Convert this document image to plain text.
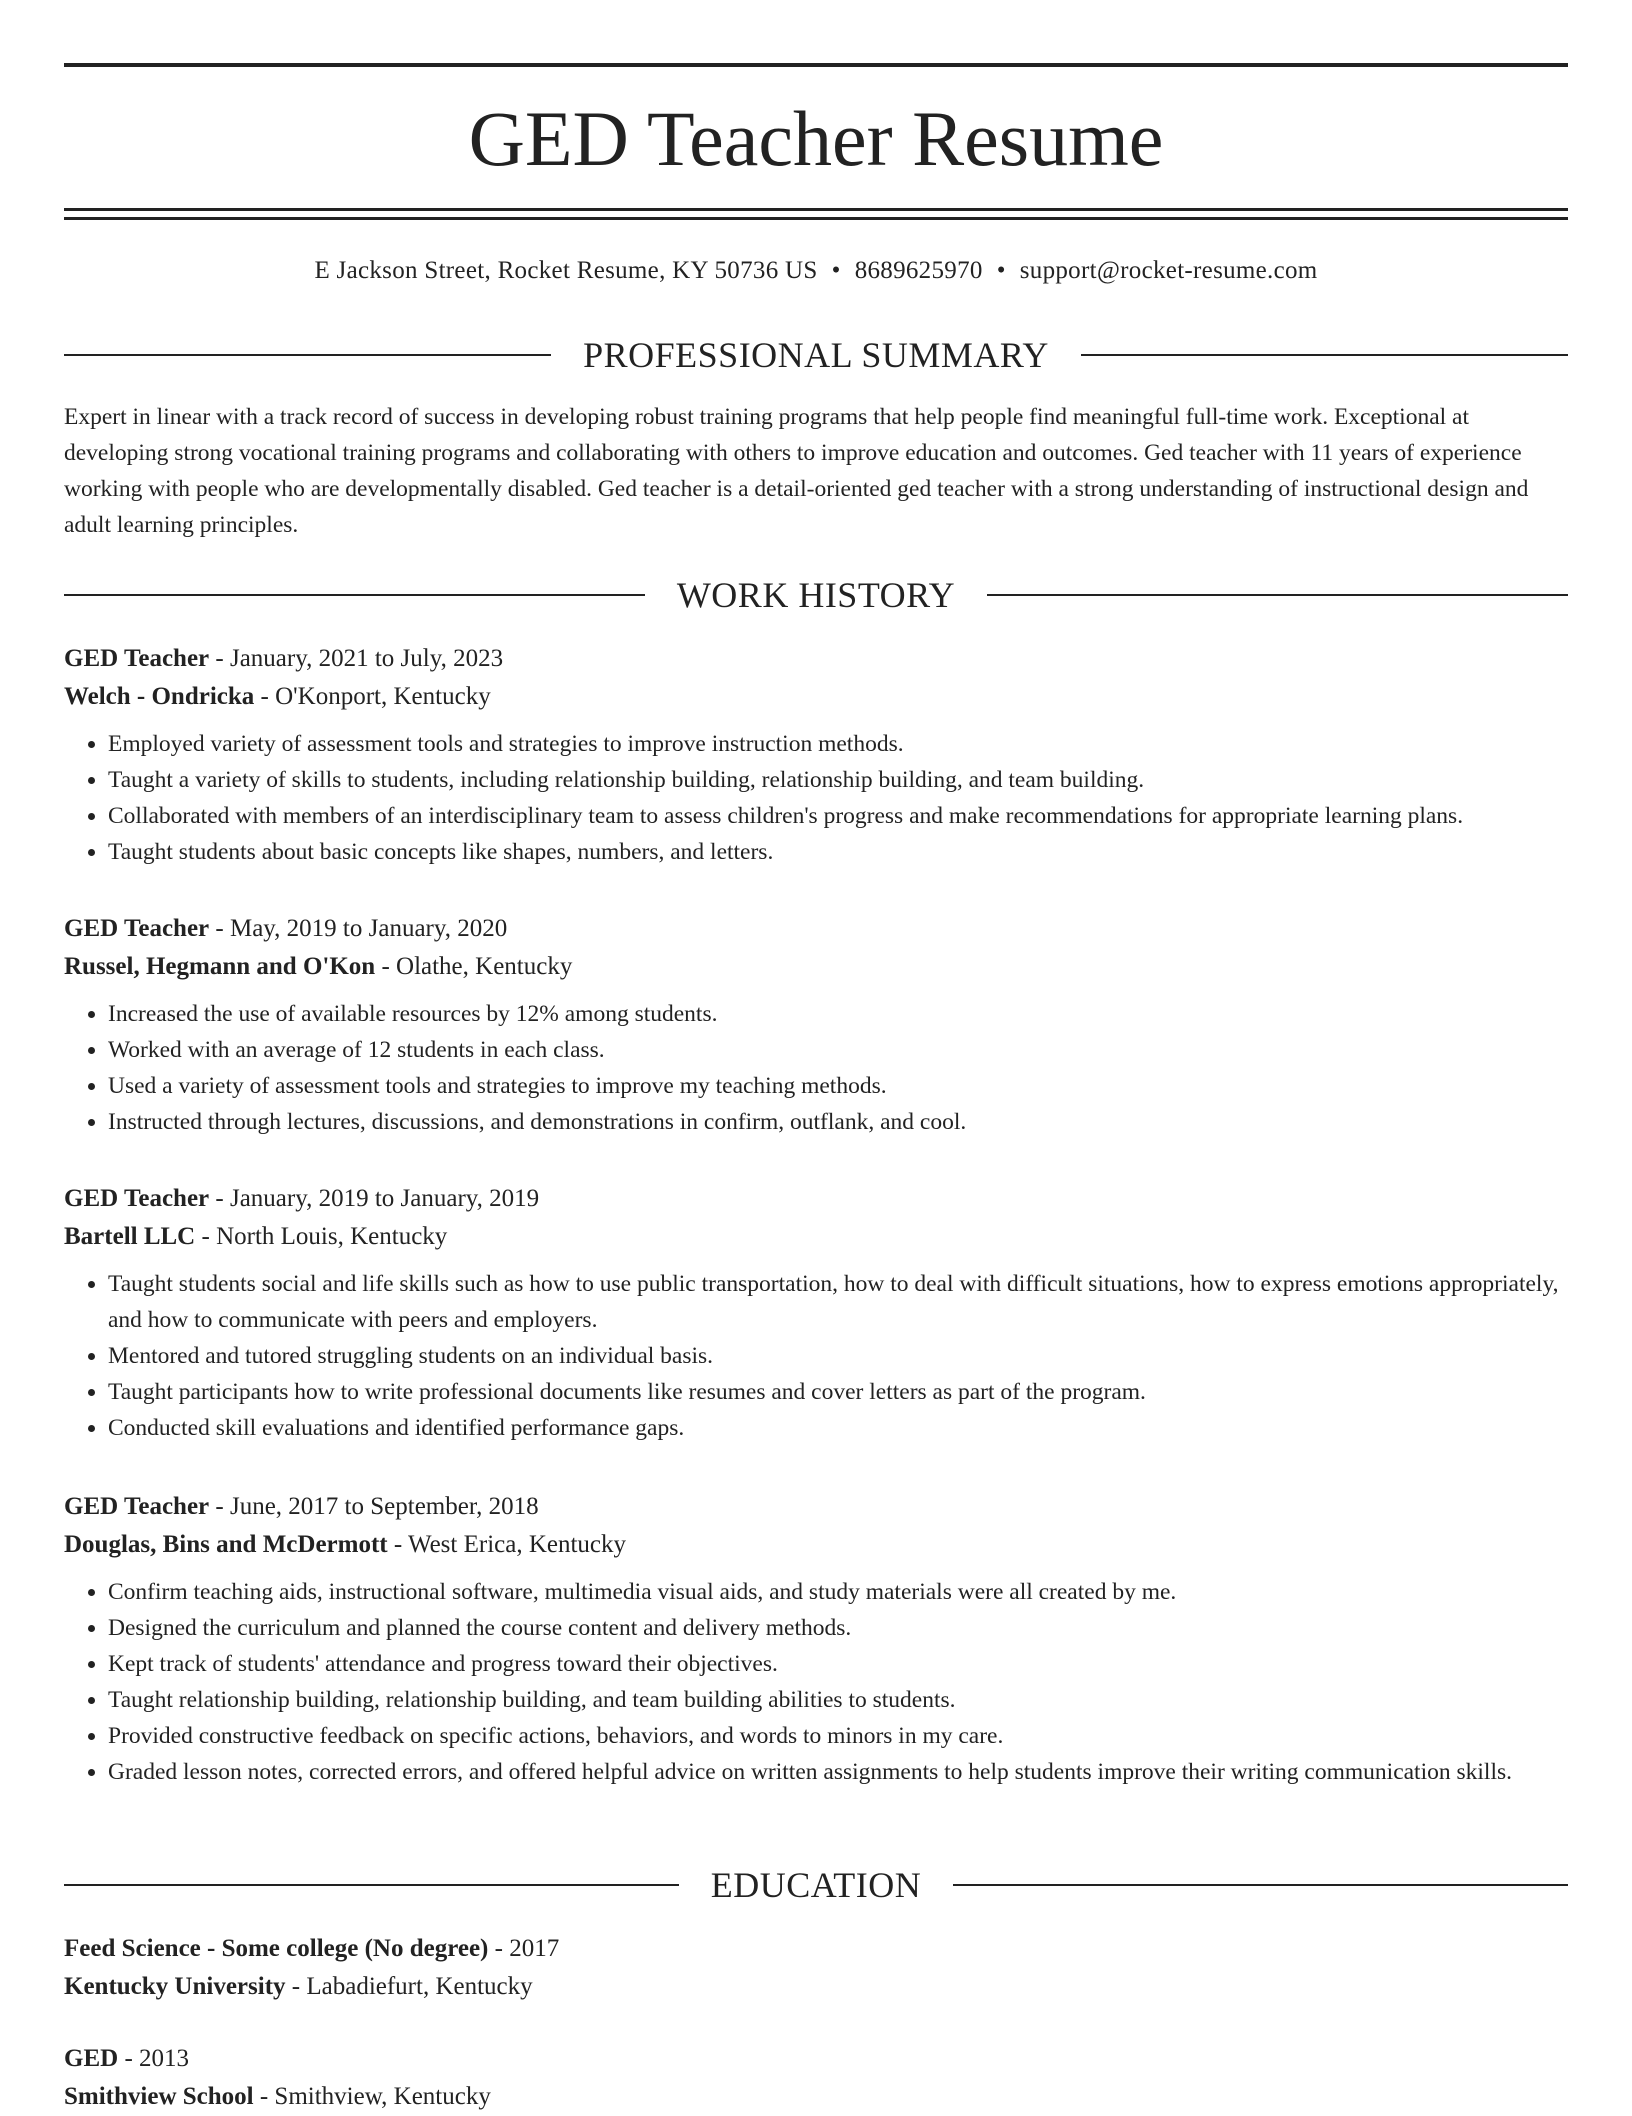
GED Teacher Resume
E Jackson Street, Rocket Resume, KY 50736 US • 8689625970 • support@rocket-resume.com
PROFESSIONAL SUMMARY

Expert in linear with a track record of success in developing robust training programs that help people find meaningful full-time work. Exceptional at developing strong vocational training programs and collaborating with others to improve education and outcomes. Ged teacher with 11 years of experience working with people who are developmentally disabled. Ged teacher is a detail-oriented ged teacher with a strong understanding of instructional design and adult learning principles.

WORK HISTORY
GED Teacher - January, 2021 to July, 2023
Welch - Ondricka - O'Konport, Kentucky
• Employed variety of assessment tools and strategies to improve instruction methods.
• Taught a variety of skills to students, including relationship building, relationship building, and team building.
• Collaborated with members of an interdisciplinary team to assess children's progress and make recommendations for appropriate learning plans.
• Taught students about basic concepts like shapes, numbers, and letters.
GED Teacher - May, 2019 to January, 2020
Russel, Hegmann and O'Kon - Olathe, Kentucky
• Increased the use of available resources by 12% among students.
• Worked with an average of 12 students in each class.
• Used a variety of assessment tools and strategies to improve my teaching methods.
• Instructed through lectures, discussions, and demonstrations in confirm, outflank, and cool.
GED Teacher - January, 2019 to January, 2019
Bartell LLC - North Louis, Kentucky
• Taught students social and life skills such as how to use public transportation, how to deal with difficult situations, how to express emotions appropriately, and how to communicate with peers and employers.
• Mentored and tutored struggling students on an individual basis.
• Taught participants how to write professional documents like resumes and cover letters as part of the program.
• Conducted skill evaluations and identified performance gaps.
GED Teacher - June, 2017 to September, 2018
Douglas, Bins and McDermott - West Erica, Kentucky
• Confirm teaching aids, instructional software, multimedia visual aids, and study materials were all created by me.
• Designed the curriculum and planned the course content and delivery methods.
• Kept track of students' attendance and progress toward their objectives.
• Taught relationship building, relationship building, and team building abilities to students.
• Provided constructive feedback on specific actions, behaviors, and words to minors in my care.
• Graded lesson notes, corrected errors, and offered helpful advice on written assignments to help students improve their writing communication skills.
EDUCATION
Feed Science - Some college (No degree) - 2017
Kentucky University - Labadiefurt, Kentucky
GED - 2013
Smithview School - Smithview, Kentucky
